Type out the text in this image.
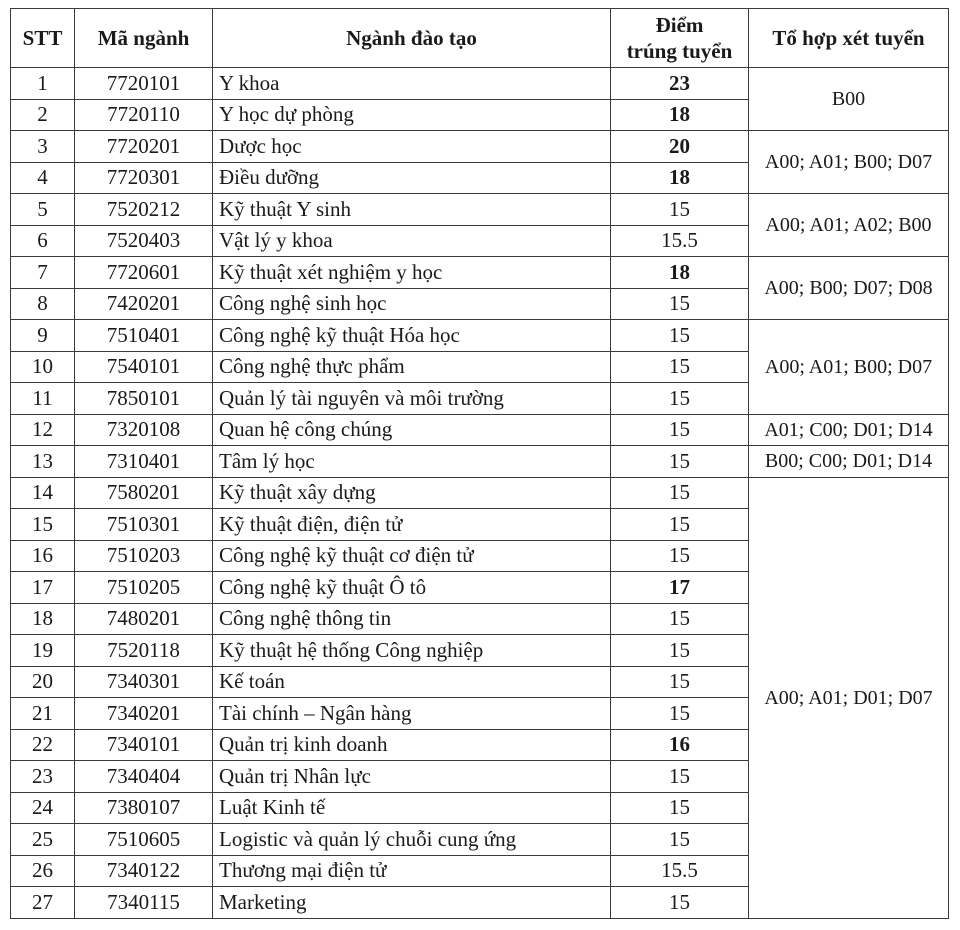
STT	Mã ngành	Ngành đào tạo	Điểm
trúng tuyển	Tổ hợp xét tuyển
1	7720101	Y khoa	23	B00
2	7720110	Y học dự phòng	18	
3	7720201	Dược học	20	A00; A01; B00; D07
4	7720301	Điều dưỡng	18	
5	7520212	Kỹ thuật Y sinh	15	A00; A01; A02; B00
6	7520403	Vật lý y khoa	15.5	
7	7720601	Kỹ thuật xét nghiệm y học	18	A00; B00; D07; D08
8	7420201	Công nghệ sinh học	15	
9	7510401	Công nghệ kỹ thuật Hóa học	15	A00; A01; B00; D07
10	7540101	Công nghệ thực phẩm	15	
11	7850101	Quản lý tài nguyên và môi trường	15	
12	7320108	Quan hệ công chúng	15	A01; C00; D01; D14
13	7310401	Tâm lý học	15	B00; C00; D01; D14
14	7580201	Kỹ thuật xây dựng	15	A00; A01; D01; D07
15	7510301	Kỹ thuật điện, điện tử	15	
16	7510203	Công nghệ kỹ thuật cơ điện tử	15	
17	7510205	Công nghệ kỹ thuật Ô tô	17	
18	7480201	Công nghệ thông tin	15	
19	7520118	Kỹ thuật hệ thống Công nghiệp	15	
20	7340301	Kế toán	15	
21	7340201	Tài chính – Ngân hàng	15	
22	7340101	Quản trị kinh doanh	16	
23	7340404	Quản trị Nhân lực	15	
24	7380107	Luật Kinh tế	15	
25	7510605	Logistic và quản lý chuỗi cung ứng	15	
26	7340122	Thương mại điện tử	15.5	
27	7340115	Marketing	15	
